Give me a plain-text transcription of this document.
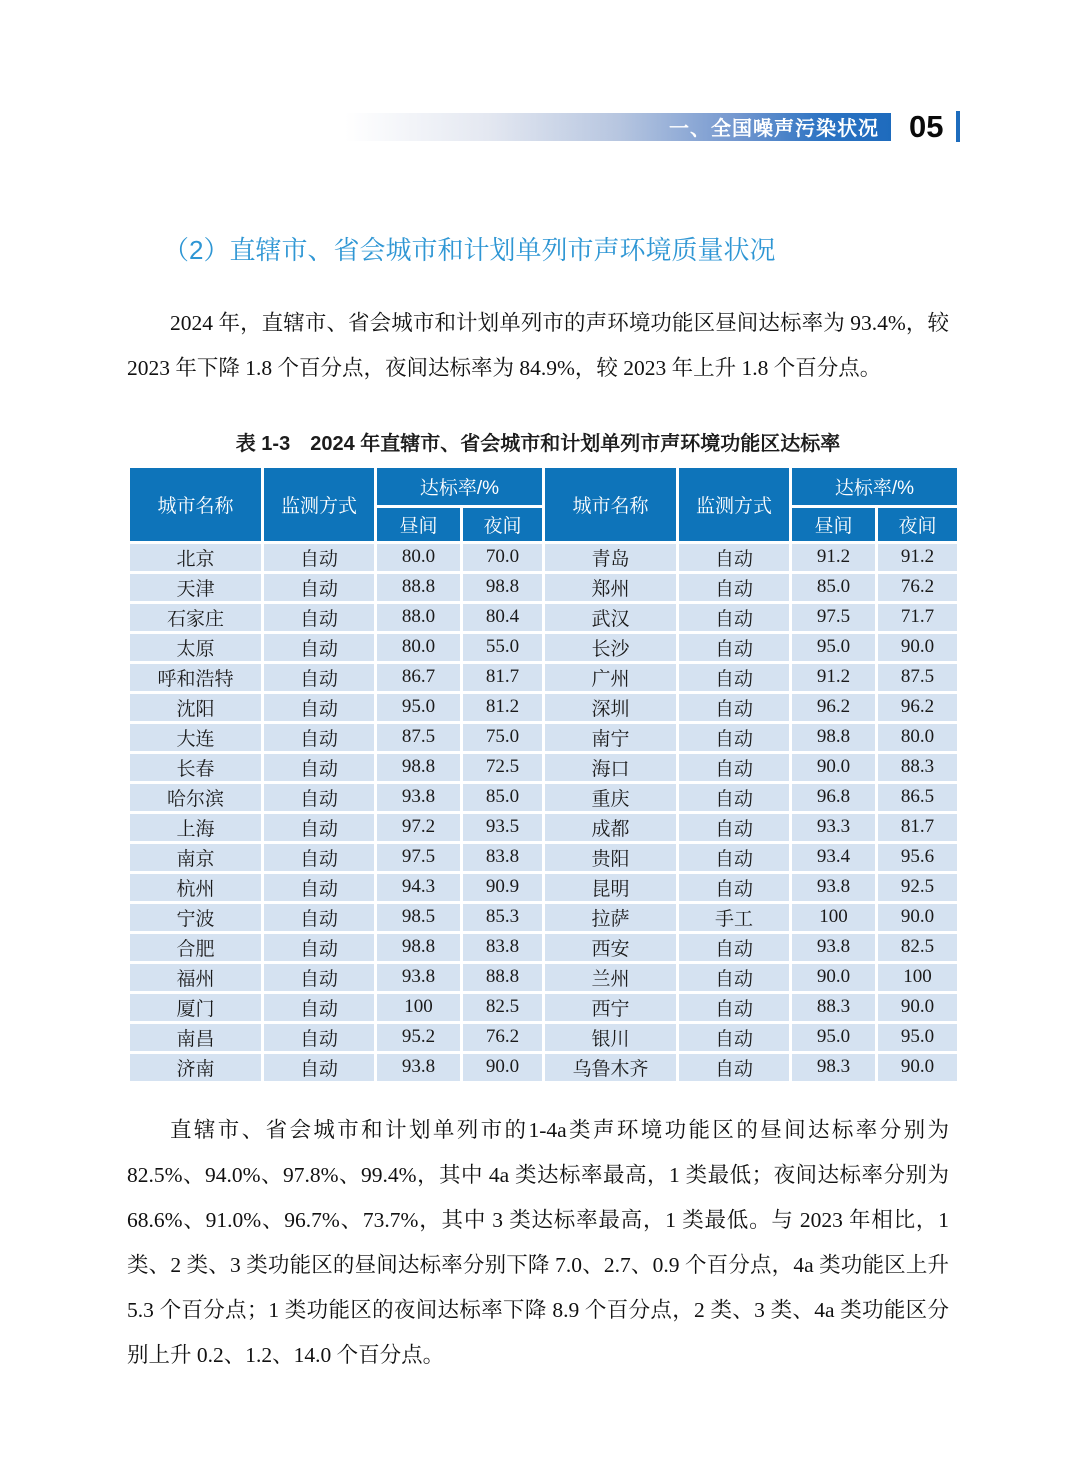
一、全国噪声污染状况 05
（2）直辖市、省会城市和计划单列市声环境质量状况

2024 年，直辖市、省会城市和计划单列市的声环境功能区昼间达标率为 93.4%，较 2023 年下降 1.8 个百分点，夜间达标率为 84.9%，较 2023 年上升 1.8 个百分点。

表 1-3　2024 年直辖市、省会城市和计划单列市声环境功能区达标率
城市名称	监测方式	达标率/%		城市名称	监测方式	达标率/%	
		昼间	夜间			昼间	夜间
北京	自动	80.0	70.0	青岛	自动	91.2	91.2
天津	自动	88.8	98.8	郑州	自动	85.0	76.2
石家庄	自动	88.0	80.4	武汉	自动	97.5	71.7
太原	自动	80.0	55.0	长沙	自动	95.0	90.0
呼和浩特	自动	86.7	81.7	广州	自动	91.2	87.5
沈阳	自动	95.0	81.2	深圳	自动	96.2	96.2
大连	自动	87.5	75.0	南宁	自动	98.8	80.0
长春	自动	98.8	72.5	海口	自动	90.0	88.3
哈尔滨	自动	93.8	85.0	重庆	自动	96.8	86.5
上海	自动	97.2	93.5	成都	自动	93.3	81.7
南京	自动	97.5	83.8	贵阳	自动	93.4	95.6
杭州	自动	94.3	90.9	昆明	自动	93.8	92.5
宁波	自动	98.5	85.3	拉萨	手工	100	90.0
合肥	自动	98.8	83.8	西安	自动	93.8	82.5
福州	自动	93.8	88.8	兰州	自动	90.0	100
厦门	自动	100	82.5	西宁	自动	88.3	90.0
南昌	自动	95.2	76.2	银川	自动	95.0	95.0
济南	自动	93.8	90.0	乌鲁木齐	自动	98.3	90.0

直辖市、省会城市和计划单列市的1-4a类声环境功能区的昼间达标率分别为82.5%、94.0%、97.8%、99.4%，其中 4a 类达标率最高，1 类最低；夜间达标率分别为 68.6%、91.0%、96.7%、73.7%，其中 3 类达标率最高，1 类最低。与 2023 年相比，1 类、2 类、3 类功能区的昼间达标率分别下降 7.0、2.7、0.9 个百分点，4a 类功能区上升 5.3 个百分点；1 类功能区的夜间达标率下降 8.9 个百分点，2 类、3 类、4a 类功能区分别上升 0.2、1.2、14.0 个百分点。
